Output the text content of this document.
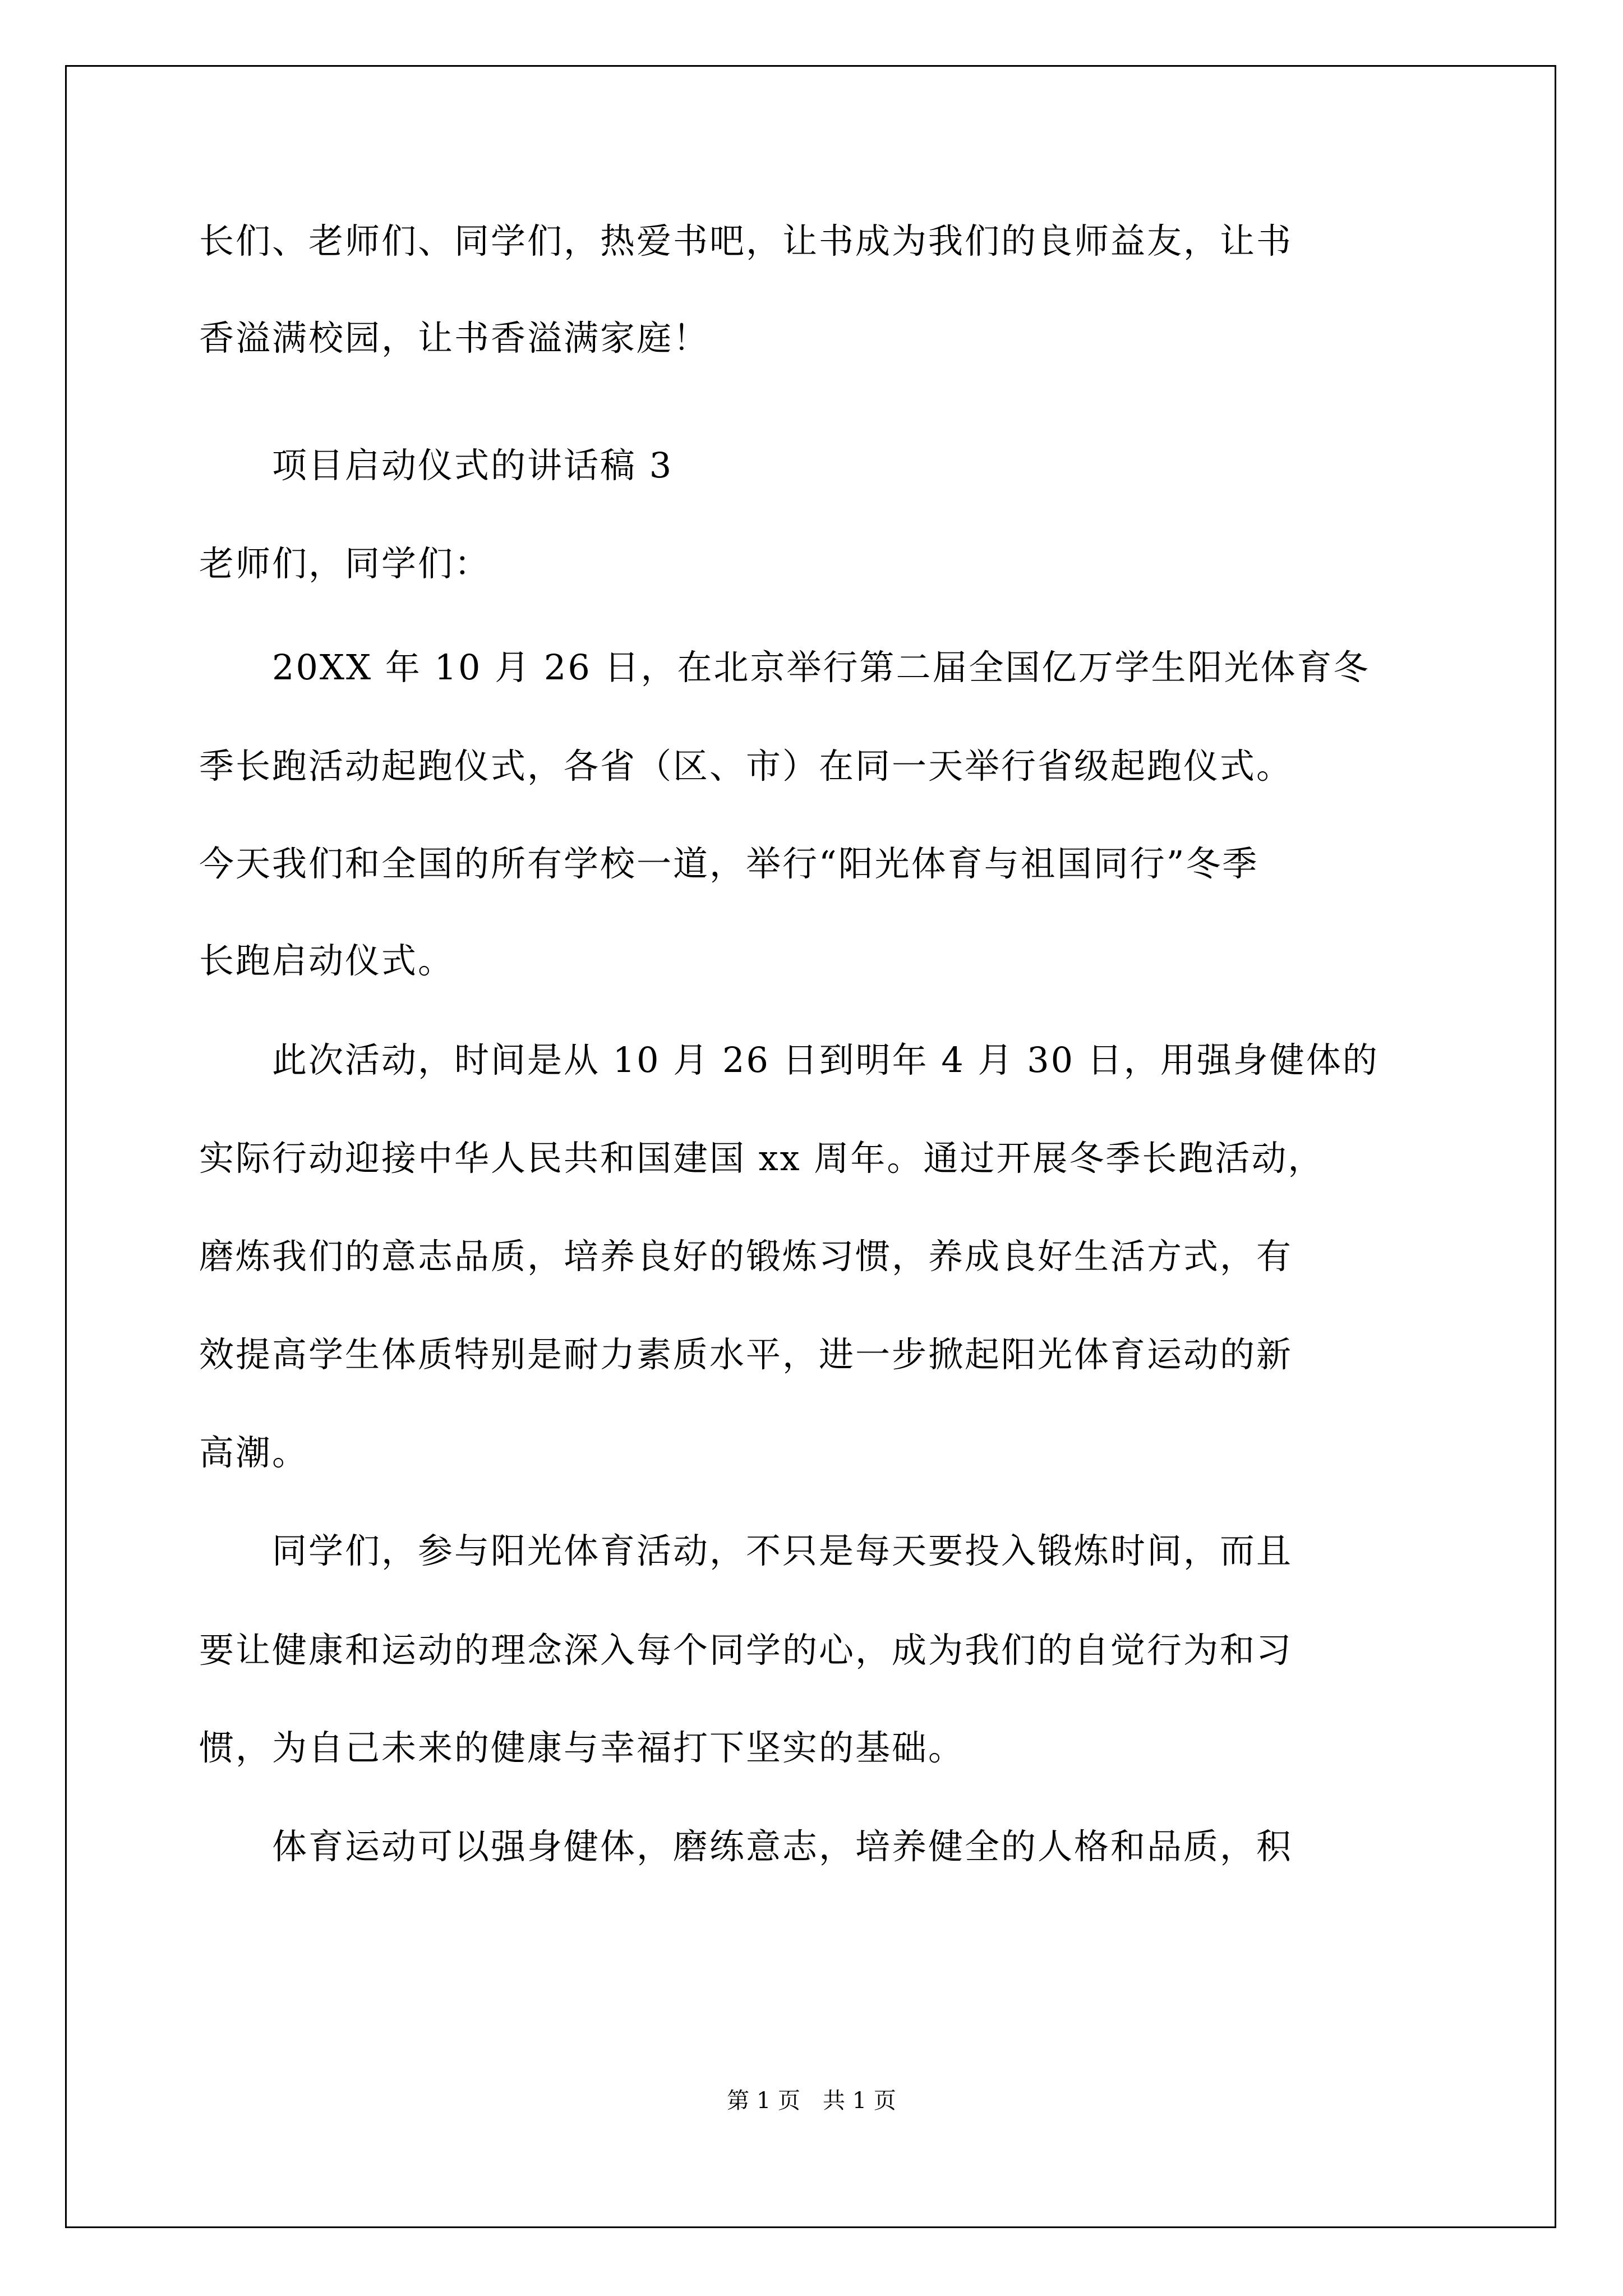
长们、老师们、同学们，热爱书吧，让书成为我们的良师益友，让书
香溢满校园，让书香溢满家庭！
　　项目启动仪式的讲话稿 3
老师们，同学们：
　　20XX 年 10 月 26 日，在北京举行第二届全国亿万学生阳光体育冬
季长跑活动起跑仪式，各省（区、市）在同一天举行省级起跑仪式。
今天我们和全国的所有学校一道，举行“阳光体育与祖国同行”冬季
长跑启动仪式。
　　此次活动，时间是从 10 月 26 日到明年 4 月 30 日，用强身健体的
实际行动迎接中华人民共和国建国 xx 周年。通过开展冬季长跑活动，
磨炼我们的意志品质，培养良好的锻炼习惯，养成良好生活方式，有
效提高学生体质特别是耐力素质水平，进一步掀起阳光体育运动的新
高潮。
　　同学们，参与阳光体育活动，不只是每天要投入锻炼时间，而且
要让健康和运动的理念深入每个同学的心，成为我们的自觉行为和习
惯，为自己未来的健康与幸福打下坚实的基础。
　　体育运动可以强身健体，磨练意志，培养健全的人格和品质，积
第 1 页　共 1 页
